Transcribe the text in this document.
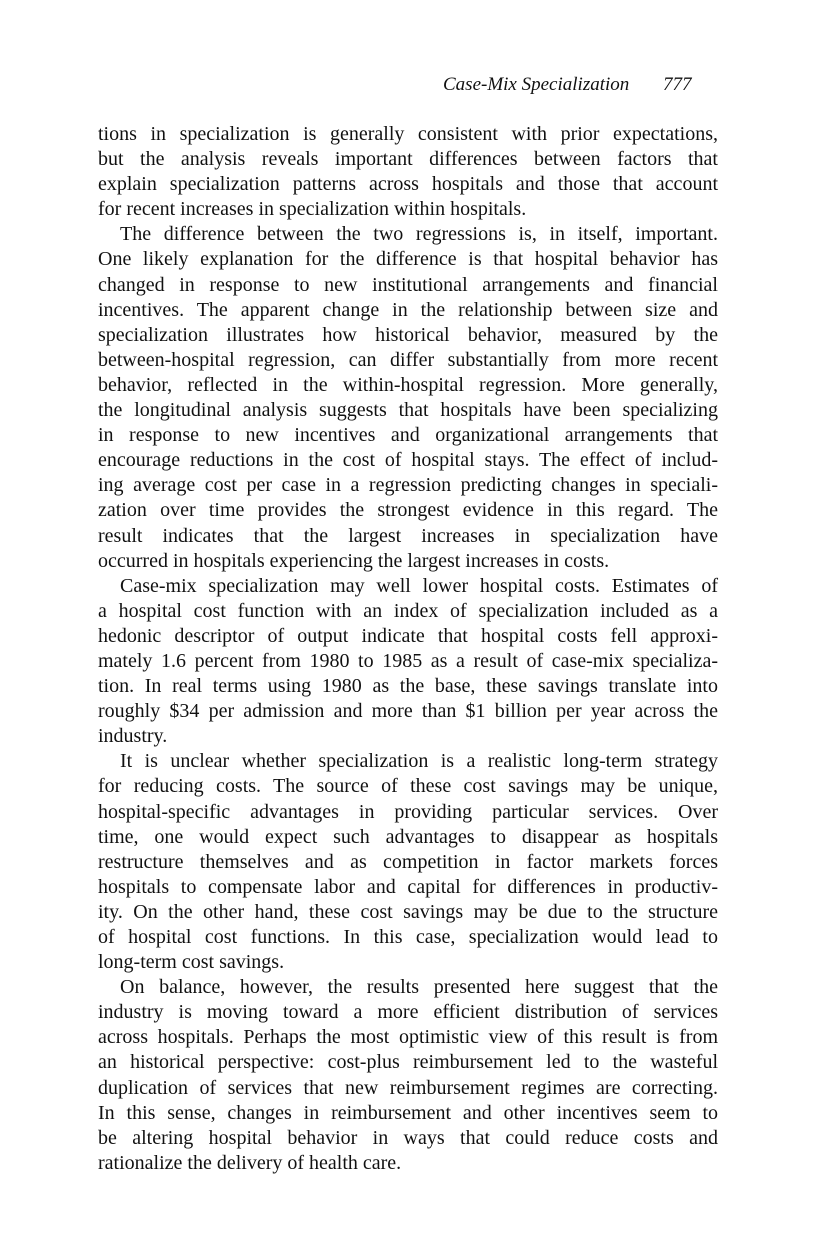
Case-Mix Specialization 777
tions in specialization is generally consistent with prior expectations,
but the analysis reveals important differences between factors that
explain specialization patterns across hospitals and those that account
for recent increases in specialization within hospitals.
The difference between the two regressions is, in itself, important.
One likely explanation for the difference is that hospital behavior has
changed in response to new institutional arrangements and financial
incentives. The apparent change in the relationship between size and
specialization illustrates how historical behavior, measured by the
between-hospital regression, can differ substantially from more recent
behavior, reflected in the within-hospital regression. More generally,
the longitudinal analysis suggests that hospitals have been specializing
in response to new incentives and organizational arrangements that
encourage reductions in the cost of hospital stays. The effect of includ-
ing average cost per case in a regression predicting changes in speciali-
zation over time provides the strongest evidence in this regard. The
result indicates that the largest increases in specialization have
occurred in hospitals experiencing the largest increases in costs.
Case-mix specialization may well lower hospital costs. Estimates of
a hospital cost function with an index of specialization included as a
hedonic descriptor of output indicate that hospital costs fell approxi-
mately 1.6 percent from 1980 to 1985 as a result of case-mix specializa-
tion. In real terms using 1980 as the base, these savings translate into
roughly $34 per admission and more than $1 billion per year across the
industry.
It is unclear whether specialization is a realistic long-term strategy
for reducing costs. The source of these cost savings may be unique,
hospital-specific advantages in providing particular services. Over
time, one would expect such advantages to disappear as hospitals
restructure themselves and as competition in factor markets forces
hospitals to compensate labor and capital for differences in productiv-
ity. On the other hand, these cost savings may be due to the structure
of hospital cost functions. In this case, specialization would lead to
long-term cost savings.
On balance, however, the results presented here suggest that the
industry is moving toward a more efficient distribution of services
across hospitals. Perhaps the most optimistic view of this result is from
an historical perspective: cost-plus reimbursement led to the wasteful
duplication of services that new reimbursement regimes are correcting.
In this sense, changes in reimbursement and other incentives seem to
be altering hospital behavior in ways that could reduce costs and
rationalize the delivery of health care.
